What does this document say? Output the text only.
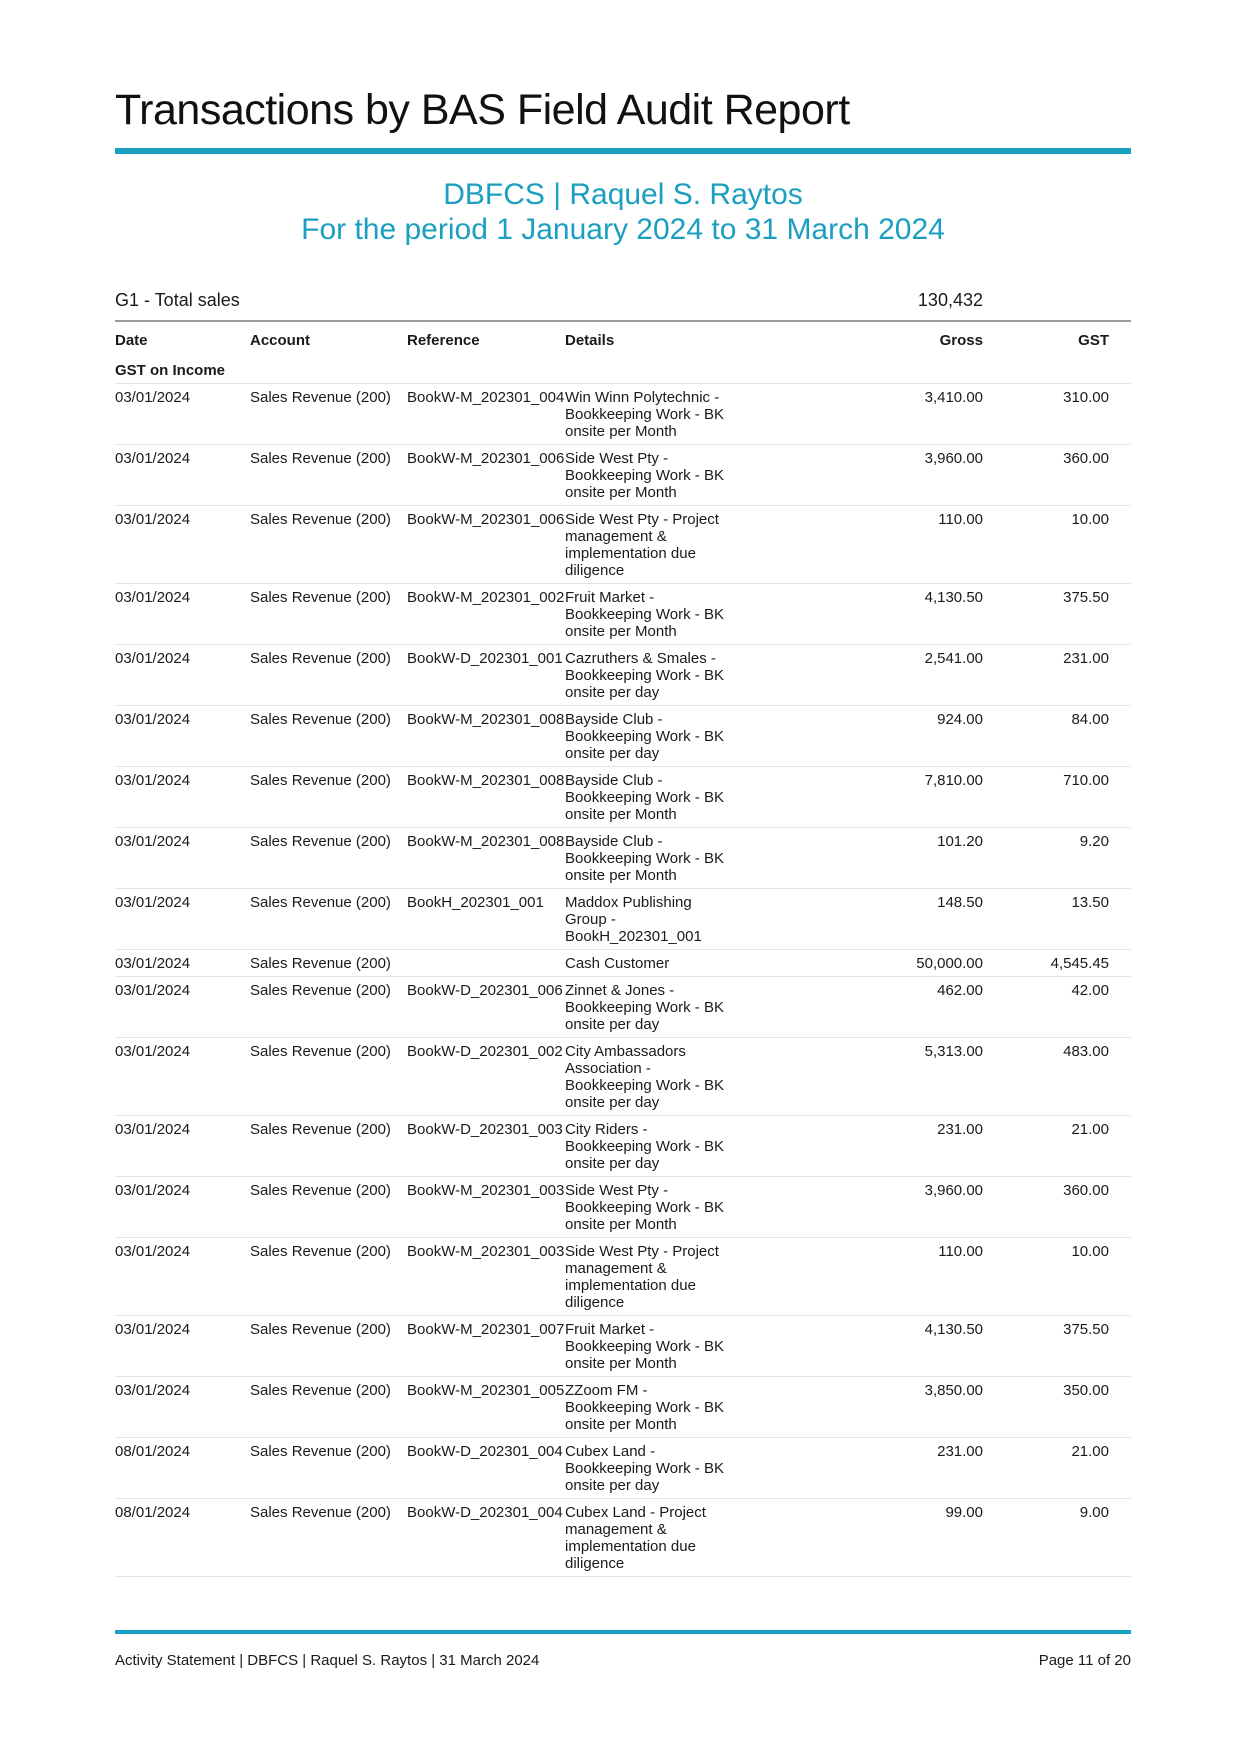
Transactions by BAS Field Audit Report
DBFCS | Raquel S. Raytos
For the period 1 January 2024 to 31 March 2024
G1 - Total sales	130,432
Date	Account	Reference	Details	Gross	GST	
GST on Income						
03/01/2024	Sales Revenue (200)	BookW-M_202301_004	Win Winn Polytechnic - Bookkeeping Work - BK onsite per Month	3,410.00	310.00	
03/01/2024	Sales Revenue (200)	BookW-M_202301_006	Side West Pty - Bookkeeping Work - BK onsite per Month	3,960.00	360.00	
03/01/2024	Sales Revenue (200)	BookW-M_202301_006	Side West Pty - Project management & implementation due diligence	110.00	10.00	
03/01/2024	Sales Revenue (200)	BookW-M_202301_002	Fruit Market - Bookkeeping Work - BK onsite per Month	4,130.50	375.50	
03/01/2024	Sales Revenue (200)	BookW-D_202301_001	Cazruthers & Smales - Bookkeeping Work - BK onsite per day	2,541.00	231.00	
03/01/2024	Sales Revenue (200)	BookW-M_202301_008	Bayside Club - Bookkeeping Work - BK onsite per day	924.00	84.00	
03/01/2024	Sales Revenue (200)	BookW-M_202301_008	Bayside Club - Bookkeeping Work - BK onsite per Month	7,810.00	710.00	
03/01/2024	Sales Revenue (200)	BookW-M_202301_008	Bayside Club - Bookkeeping Work - BK onsite per Month	101.20	9.20	
03/01/2024	Sales Revenue (200)	BookH_202301_001	Maddox Publishing Group - BookH_202301_001	148.50	13.50	
03/01/2024	Sales Revenue (200)		Cash Customer	50,000.00	4,545.45	
03/01/2024	Sales Revenue (200)	BookW-D_202301_006	Zinnet & Jones - Bookkeeping Work - BK onsite per day	462.00	42.00	
03/01/2024	Sales Revenue (200)	BookW-D_202301_002	City Ambassadors Association - Bookkeeping Work - BK onsite per day	5,313.00	483.00	
03/01/2024	Sales Revenue (200)	BookW-D_202301_003	City Riders - Bookkeeping Work - BK onsite per day	231.00	21.00	
03/01/2024	Sales Revenue (200)	BookW-M_202301_003	Side West Pty - Bookkeeping Work - BK onsite per Month	3,960.00	360.00	
03/01/2024	Sales Revenue (200)	BookW-M_202301_003	Side West Pty - Project management & implementation due diligence	110.00	10.00	
03/01/2024	Sales Revenue (200)	BookW-M_202301_007	Fruit Market - Bookkeeping Work - BK onsite per Month	4,130.50	375.50	
03/01/2024	Sales Revenue (200)	BookW-M_202301_005	ZZoom FM - Bookkeeping Work - BK onsite per Month	3,850.00	350.00	
08/01/2024	Sales Revenue (200)	BookW-D_202301_004	Cubex Land - Bookkeeping Work - BK onsite per day	231.00	21.00	
08/01/2024	Sales Revenue (200)	BookW-D_202301_004	Cubex Land - Project management & implementation due diligence	99.00	9.00	
Activity Statement | DBFCS | Raquel S. Raytos | 31 March 2024	Page 11 of 20
